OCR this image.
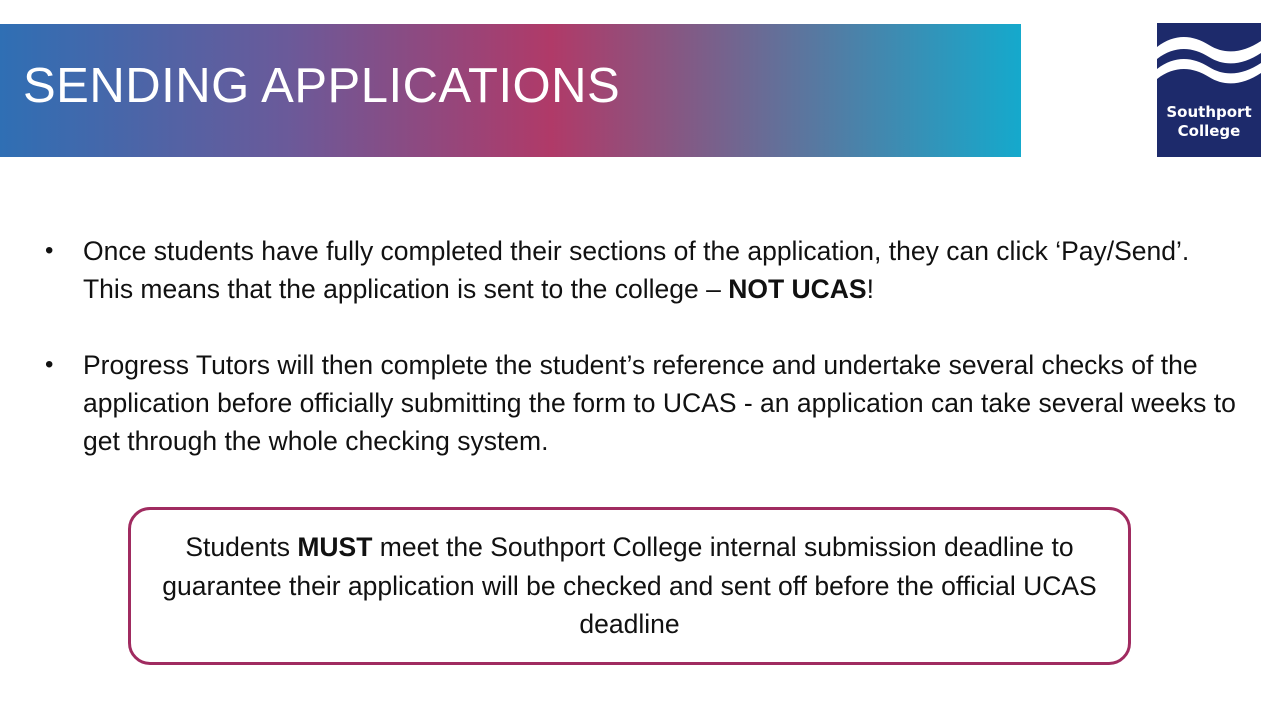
SENDING APPLICATIONS	Southport
College
• Once students have fully completed their sections of the application, they can click ‘Pay/Send’. This means that the application is sent to the college – NOT UCAS!
• Progress Tutors will then complete the student’s reference and undertake several checks of the application before officially submitting the form to UCAS - an application can take several weeks to get through the whole checking system.
Students MUST meet the Southport College internal submission deadline to guarantee their application will be checked and sent off before the official UCAS deadline
